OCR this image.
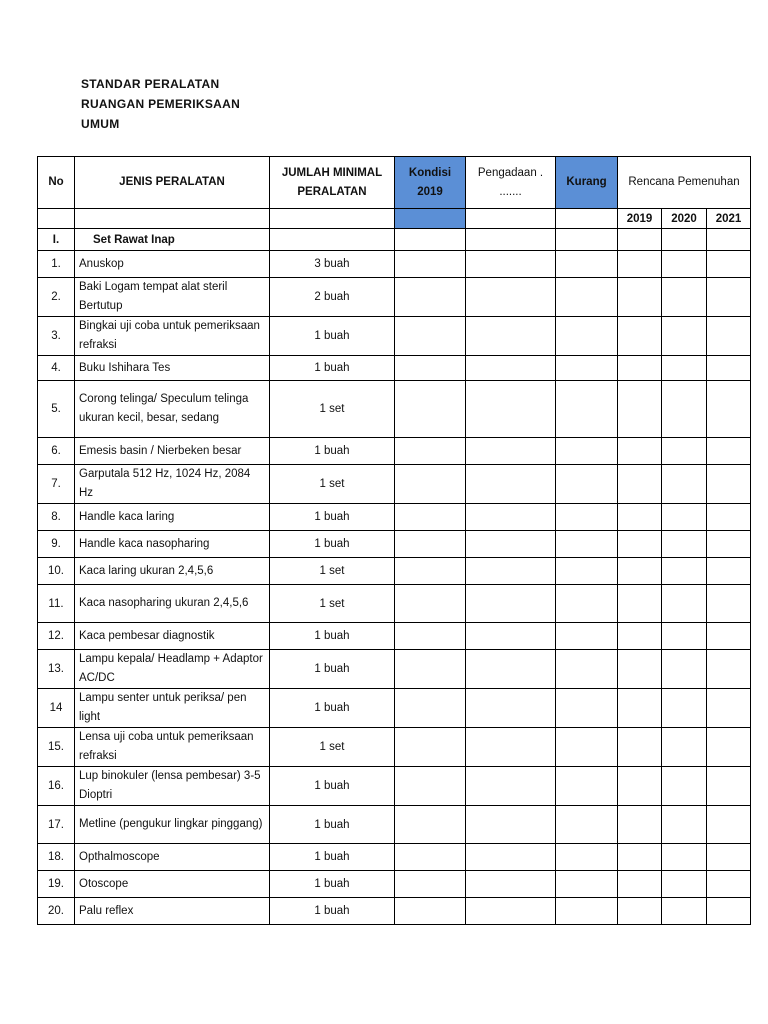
STANDAR PERALATAN
RUANGAN PEMERIKSAAN
UMUM
No	JENIS PERALATAN	JUMLAH MINIMAL PERALATAN	Kondisi 2019	Pengadaan . .......	Kurang	Rencana Pemenuhan		
						2019	2020	2021
I.	Set Rawat Inap							
1.	Anuskop	3 buah						
2.	Baki Logam tempat alat steril Bertutup	2 buah						
3.	Bingkai uji coba untuk pemeriksaan refraksi	1 buah						
4.	Buku Ishihara Tes	1 buah						
5.	Corong telinga/ Speculum telinga ukuran kecil, besar, sedang	1 set						
6.	Emesis basin / Nierbeken besar	1 buah						
7.	Garputala 512 Hz, 1024 Hz, 2084 Hz	1 set						
8.	Handle kaca laring	1 buah						
9.	Handle kaca nasopharing	1 buah						
10.	Kaca laring ukuran 2,4,5,6	1 set						
11.	Kaca nasopharing ukuran 2,4,5,6	1 set						
12.	Kaca pembesar diagnostik	1 buah						
13.	Lampu kepala/ Headlamp + Adaptor AC/DC	1 buah						
14	Lampu senter untuk periksa/ pen light	1 buah						
15.	Lensa uji coba untuk pemeriksaan refraksi	1 set						
16.	Lup binokuler (lensa pembesar) 3-5 Dioptri	1 buah						
17.	Metline (pengukur lingkar pinggang)	1 buah						
18.	Opthalmoscope	1 buah						
19.	Otoscope	1 buah						
20.	Palu reflex	1 buah						
